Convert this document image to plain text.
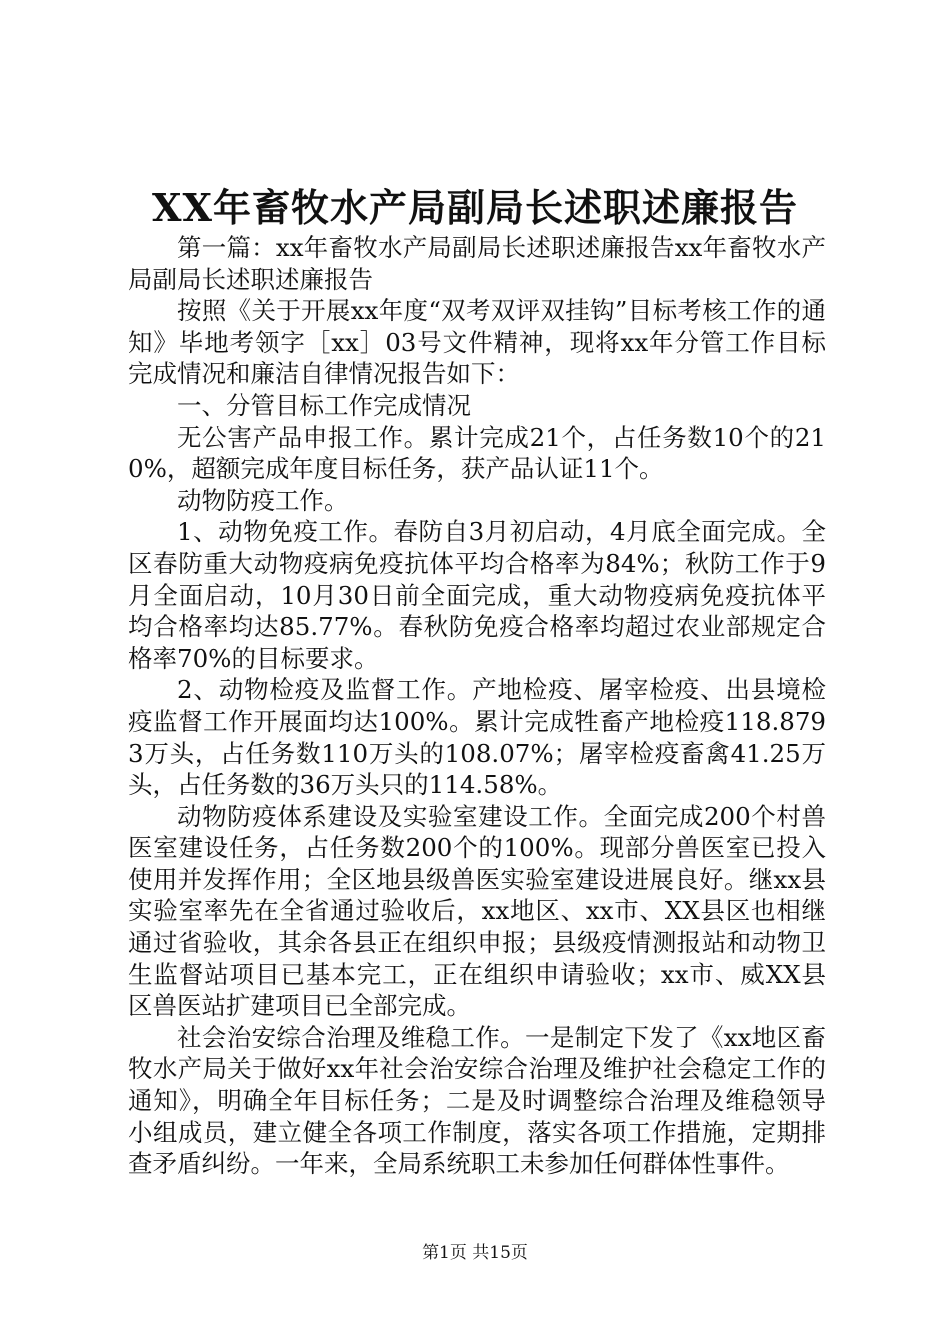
XX年畜牧水产局副局长述职述廉报告

第一篇：xx年畜牧水产局副局长述职述廉报告xx年畜牧水产局副局长述职述廉报告

按照《关于开展xx年度“双考双评双挂钩”目标考核工作的通知》毕地考领字［xx］03号文件精神，现将xx年分管工作目标完成情况和廉洁自律情况报告如下：

一、分管目标工作完成情况

无公害产品申报工作。累计完成21个，占任务数10个的210%，超额完成年度目标任务，获产品认证11个。

动物防疫工作。

1、动物免疫工作。春防自3月初启动，4月底全面完成。全区春防重大动物疫病免疫抗体平均合格率为84%；秋防工作于9月全面启动，10月30日前全面完成，重大动物疫病免疫抗体平均合格率均达85.77%。春秋防免疫合格率均超过农业部规定合格率70%的目标要求。

2、动物检疫及监督工作。产地检疫、屠宰检疫、出县境检疫监督工作开展面均达100%。累计完成牲畜产地检疫118.8793万头，占任务数110万头的108.07%；屠宰检疫畜禽41.25万头，占任务数的36万头只的114.58%。

动物防疫体系建设及实验室建设工作。全面完成200个村兽医室建设任务，占任务数200个的100%。现部分兽医室已投入使用并发挥作用；全区地县级兽医实验室建设进展良好。继xx县实验室率先在全省通过验收后，xx地区、xx市、XX县区也相继通过省验收，其余各县正在组织申报；县级疫情测报站和动物卫生监督站项目已基本完工，正在组织申请验收；xx市、威XX县区兽医站扩建项目已全部完成。

社会治安综合治理及维稳工作。一是制定下发了《xx地区畜牧水产局关于做好xx年社会治安综合治理及维护社会稳定工作的通知》，明确全年目标任务；二是及时调整综合治理及维稳领导小组成员，建立健全各项工作制度，落实各项工作措施，定期排查矛盾纠纷。一年来，全局系统职工未参加任何群体性事件。

第1页 共15页
